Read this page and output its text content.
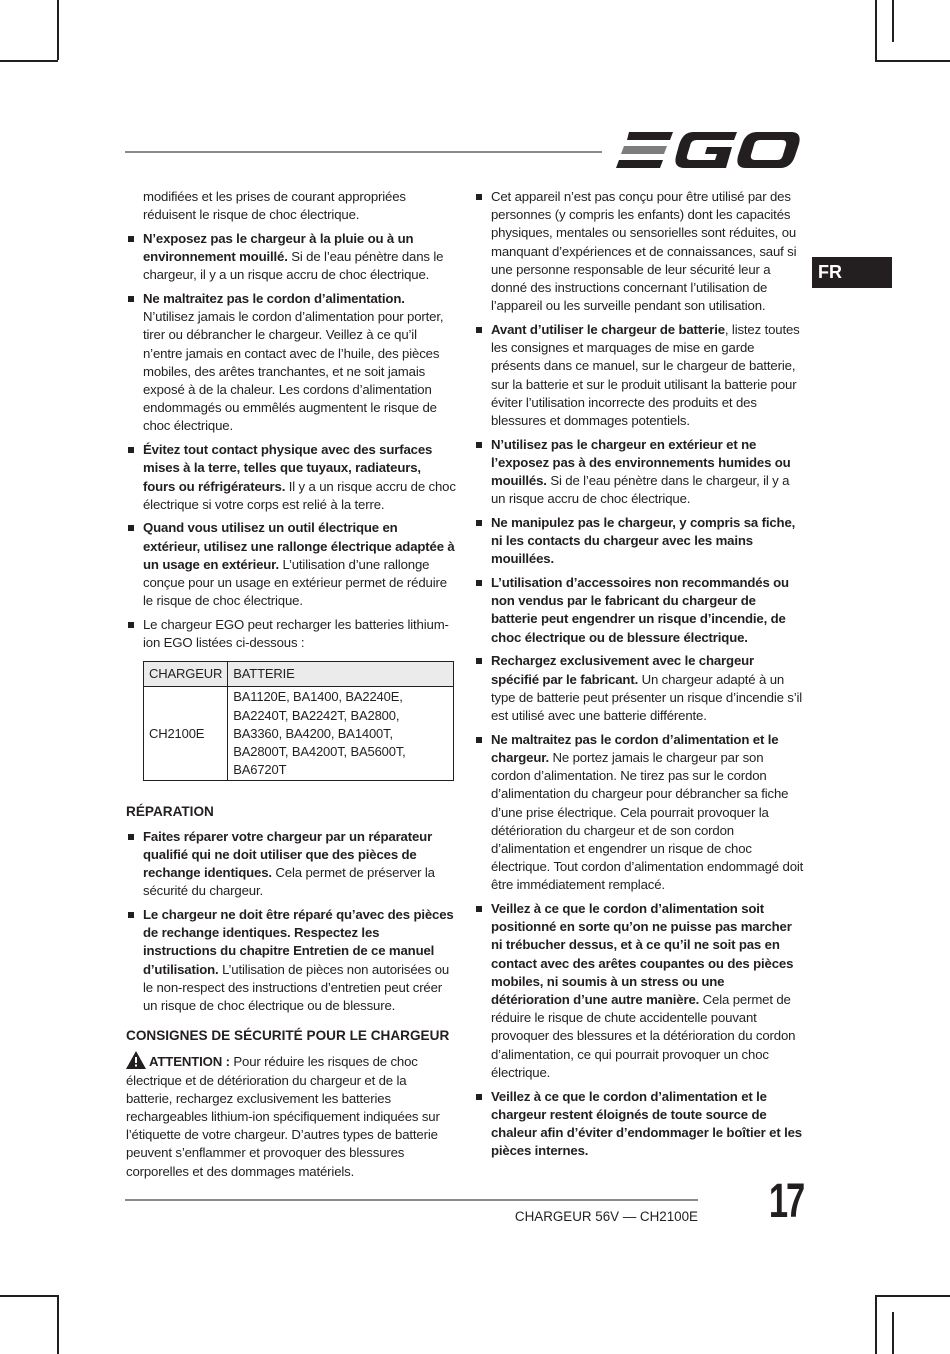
FR
modifiées et les prises de courant appropriées réduisent le risque de choc électrique.
N’exposez pas le chargeur à la pluie ou à un environnement mouillé. Si de l’eau pénètre dans le chargeur, il y a un risque accru de choc électrique.
Ne maltraitez pas le cordon d’alimentation. N’utilisez jamais le cordon d’alimentation pour porter, tirer ou débrancher le chargeur. Veillez à ce qu’il n’entre jamais en contact avec de l’huile, des pièces mobiles, des arêtes tranchantes, et ne soit jamais exposé à de la chaleur. Les cordons d’alimentation endommagés ou emmêlés augmentent le risque de choc électrique.
Évitez tout contact physique avec des surfaces mises à la terre, telles que tuyaux, radiateurs, fours ou réfrigérateurs. Il y a un risque accru de choc électrique si votre corps est relié à la terre.
Quand vous utilisez un outil électrique en extérieur, utilisez une rallonge électrique adaptée à un usage en extérieur. L’utilisation d’une rallonge conçue pour un usage en extérieur permet de réduire le risque de choc électrique.
Le chargeur EGO peut recharger les batteries lithium-ion EGO listées ci-dessous :
CHARGEUR	BATTERIE
CH2100E	BA1120E, BA1400, BA2240E, BA2240T, BA2242T, BA2800, BA3360, BA4200, BA1400T, BA2800T, BA4200T, BA5600T, BA6720T
RÉPARATION
Faites réparer votre chargeur par un réparateur qualifié qui ne doit utiliser que des pièces de rechange identiques. Cela permet de préserver la sécurité du chargeur.
Le chargeur ne doit être réparé qu’avec des pièces de rechange identiques. Respectez les instructions du chapitre Entretien de ce manuel d’utilisation. L’utilisation de pièces non autorisées ou le non-respect des instructions d’entretien peut créer un risque de choc électrique ou de blessure.
CONSIGNES DE SÉCURITÉ POUR LE CHARGEUR
ATTENTION : Pour réduire les risques de choc électrique et de détérioration du chargeur et de la batterie, rechargez exclusivement les batteries rechargeables lithium-ion spécifiquement indiquées sur l’étiquette de votre chargeur. D’autres types de batterie peuvent s’enflammer et provoquer des blessures corporelles et des dommages matériels.
Cet appareil n’est pas conçu pour être utilisé par des personnes (y compris les enfants) dont les capacités physiques, mentales ou sensorielles sont réduites, ou manquant d’expériences et de connaissances, sauf si une personne responsable de leur sécurité leur a donné des instructions concernant l’utilisation de l’appareil ou les surveille pendant son utilisation.
Avant d’utiliser le chargeur de batterie, listez toutes les consignes et marquages de mise en garde présents dans ce manuel, sur le chargeur de batterie, sur la batterie et sur le produit utilisant la batterie pour éviter l’utilisation incorrecte des produits et des blessures et dommages potentiels.
N’utilisez pas le chargeur en extérieur et ne l’exposez pas à des environnements humides ou mouillés. Si de l’eau pénètre dans le chargeur, il y a un risque accru de choc électrique.
Ne manipulez pas le chargeur, y compris sa fiche, ni les contacts du chargeur avec les mains mouillées.
L’utilisation d’accessoires non recommandés ou non vendus par le fabricant du chargeur de batterie peut engendrer un risque d’incendie, de choc électrique ou de blessure électrique.
Rechargez exclusivement avec le chargeur spécifié par le fabricant. Un chargeur adapté à un type de batterie peut présenter un risque d’incendie s’il est utilisé avec une batterie différente.
Ne maltraitez pas le cordon d’alimentation et le chargeur. Ne portez jamais le chargeur par son cordon d’alimentation. Ne tirez pas sur le cordon d’alimentation du chargeur pour débrancher sa fiche d’une prise électrique. Cela pourrait provoquer la détérioration du chargeur et de son cordon d’alimentation et engendrer un risque de choc électrique. Tout cordon d’alimentation endommagé doit être immédiatement remplacé.
Veillez à ce que le cordon d’alimentation soit positionné en sorte qu’on ne puisse pas marcher ni trébucher dessus, et à ce qu’il ne soit pas en contact avec des arêtes coupantes ou des pièces mobiles, ni soumis à un stress ou une détérioration d’une autre manière. Cela permet de réduire le risque de chute accidentelle pouvant provoquer des blessures et la détérioration du cordon d’alimentation, ce qui pourrait provoquer un choc électrique.
Veillez à ce que le cordon d’alimentation et le chargeur restent éloignés de toute source de chaleur afin d’éviter d’endommager le boîtier et les pièces internes.
CHARGEUR 56V — CH2100E 17
